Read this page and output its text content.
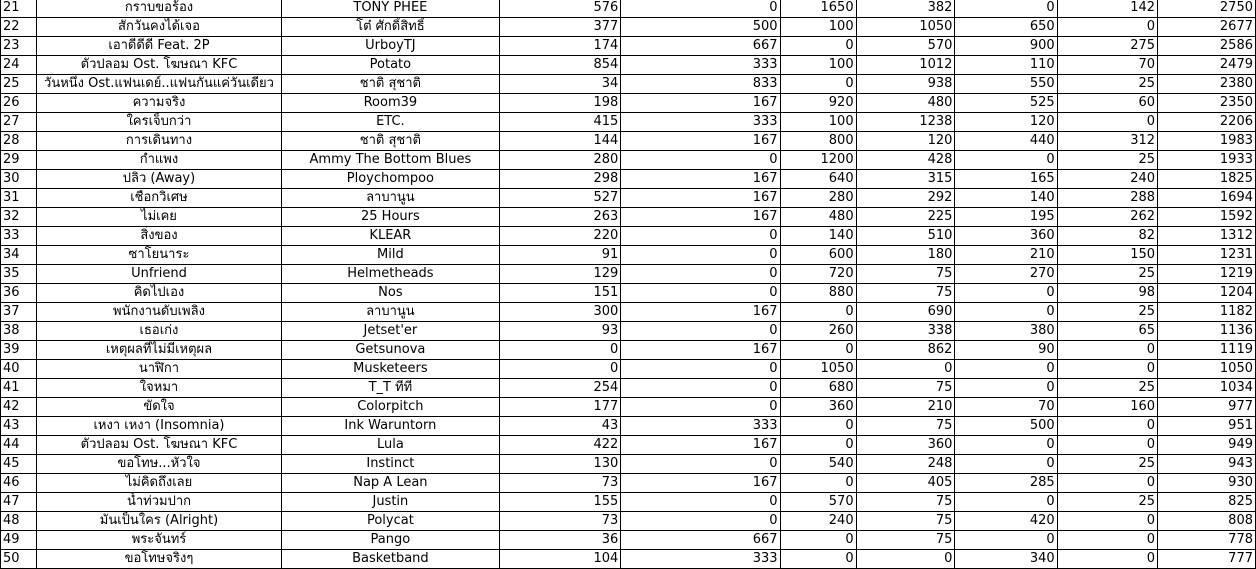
21	กราบขอร้อง	TONY PHEE	576	0	1650	382	0	142	2750
22	สักวันคงได้เจอ	โต๋ ศักดิ์สิทธิ์	377	500	100	1050	650	0	2677
23	เอาดีดีดี Feat. 2P	UrboyTJ	174	667	0	570	900	275	2586
24	ตัวปลอม Ost. โฆษณา KFC	Potato	854	333	100	1012	110	70	2479
25	วันหนึ่ง Ost.แฟนเดย์..แฟนกันแค่วันเดียว	ชาติ สุชาติ	34	833	0	938	550	25	2380
26	ความจริง	Room39	198	167	920	480	525	60	2350
27	ใครเจ็บกว่า	ETC.	415	333	100	1238	120	0	2206
28	การเดินทาง	ชาติ สุชาติ	144	167	800	120	440	312	1983
29	กำแพง	Ammy The Bottom Blues	280	0	1200	428	0	25	1933
30	ปลิว (Away)	Ploychompoo	298	167	640	315	165	240	1825
31	เชือกวิเศษ	ลาบานูน	527	167	280	292	140	288	1694
32	ไม่เคย	25 Hours	263	167	480	225	195	262	1592
33	สิ่งของ	KLEAR	220	0	140	510	360	82	1312
34	ซาโยนาระ	Mild	91	0	600	180	210	150	1231
35	Unfriend	Helmetheads	129	0	720	75	270	25	1219
36	คิดไปเอง	Nos	151	0	880	75	0	98	1204
37	พนักงานดับเพลิง	ลาบานูน	300	167	0	690	0	25	1182
38	เธอเก่ง	Jetset'er	93	0	260	338	380	65	1136
39	เหตุผลที่ไม่มีเหตุผล	Getsunova	0	167	0	862	90	0	1119
40	นาฬิกา	Musketeers	0	0	1050	0	0	0	1050
41	ใจหมา	T_T ทีที	254	0	680	75	0	25	1034
42	ขัดใจ	Colorpitch	177	0	360	210	70	160	977
43	เหงา เหงา (Insomnia)	Ink Waruntorn	43	333	0	75	500	0	951
44	ตัวปลอม Ost. โฆษณา KFC	Lula	422	167	0	360	0	0	949
45	ขอโทษ...หัวใจ	Instinct	130	0	540	248	0	25	943
46	ไม่คิดถึงเลย	Nap A Lean	73	167	0	405	285	0	930
47	น้ำท่วมปาก	Justin	155	0	570	75	0	25	825
48	มันเป็นใคร (Alright)	Polycat	73	0	240	75	420	0	808
49	พระจันทร์	Pango	36	667	0	75	0	0	778
50	ขอโทษจริงๆ	Basketband	104	333	0	0	340	0	777
